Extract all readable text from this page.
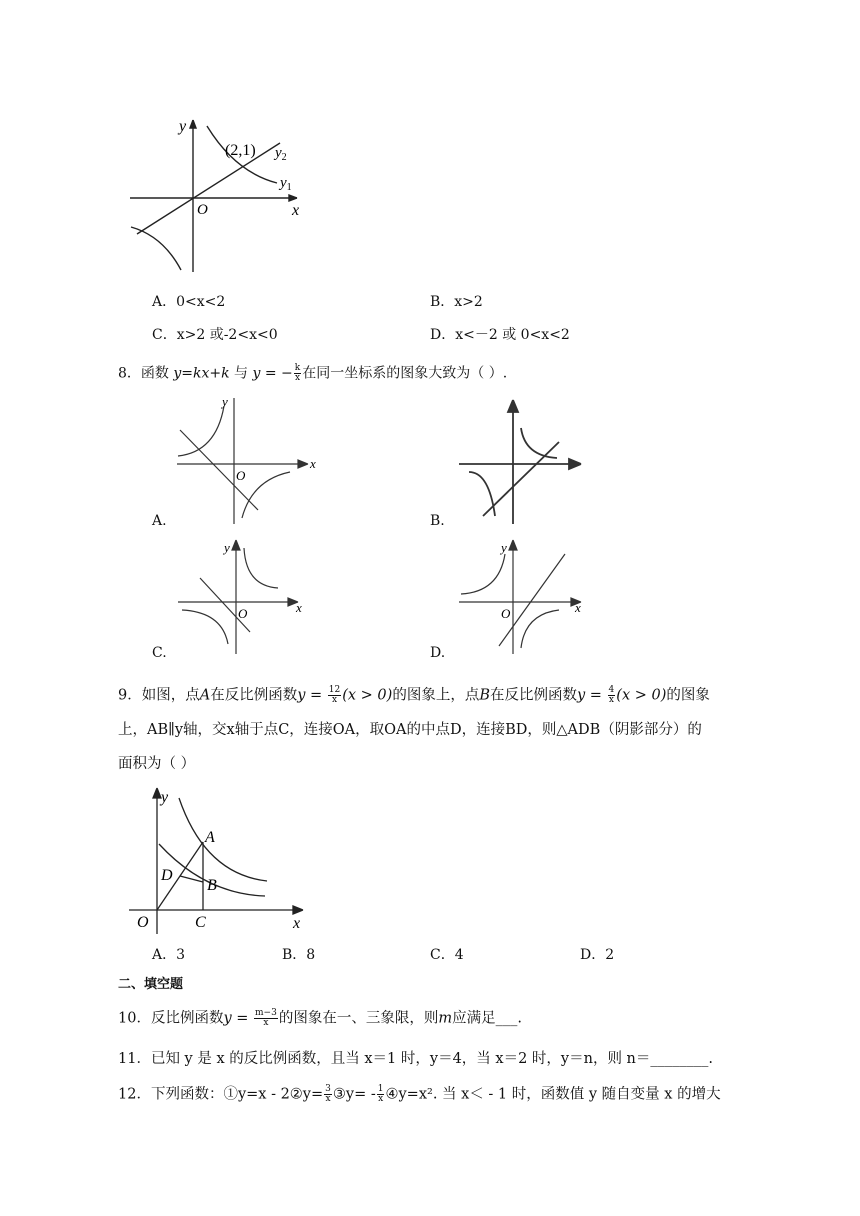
y
x
O
(2,1) $y_2$
$y_1$
A．0<x<2	B．x>2
C．x>2 或-2<x<0	D．x<－2 或 0<x<2
8．函数 y=kx+k 与 y = − $\frac{k}{x}$ 在同一坐标系的图象大致为（ ）.
y
x
O
A.	B.
y
x
O
C.
y
x
O
D.
9．如图，点A在反比例函数$y = \frac{12}{x} (x > 0)$的图象上，点B在反比例函数$y = \frac{4}{x} (x > 0)$的图象
上，AB∥y轴，交x轴于点C，连接OA，取OA的中点D，连接BD，则△ADB（阴影部分）的
面积为（ ）
y
x
O
A
B
C
D
A．3	B．8	C．4	D．2
二、填空题
10．反比例函数$y = \frac{m-3}{x}$ 的图象在一、三象限，则m应满足___.
11．已知 y 是 x 的反比例函数，且当 x＝1 时，y＝4，当 x＝2 时，y＝n，则 n＝________.
12．下列函数：①y=x - 2②y= $\frac{3}{x}$ ③y= - $\frac{1}{x}$ ④y=x². 当 x＜ - 1 时，函数值 y 随自变量 x 的增大
